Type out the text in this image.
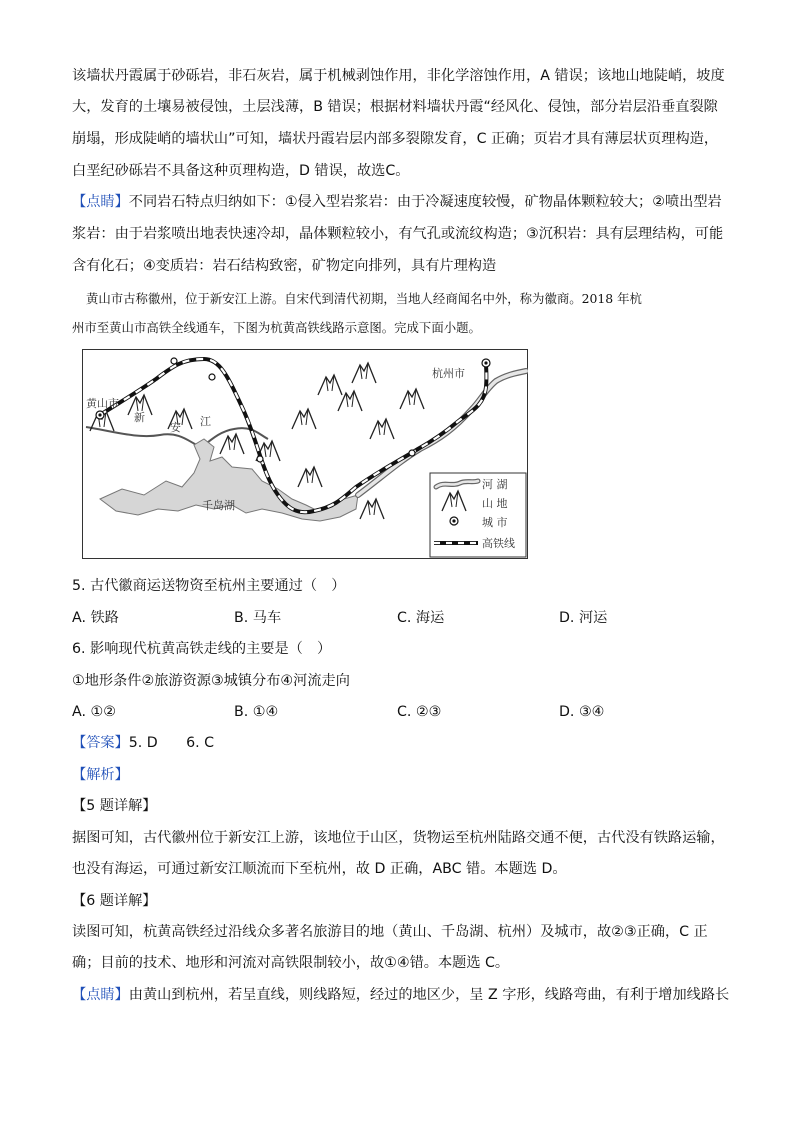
该墙状丹霞属于砂砾岩，非石灰岩，属于机械剥蚀作用，非化学溶蚀作用，A 错误；该地山地陡峭，坡度
大，发育的土壤易被侵蚀，土层浅薄，B 错误；根据材料墙状丹霞“经风化、侵蚀，部分岩层沿垂直裂隙
崩塌，形成陡峭的墙状山”可知，墙状丹霞岩层内部多裂隙发育，C 正确；页岩才具有薄层状页理构造，
白垩纪砂砾岩不具备这种页理构造，D 错误，故选C。
【点睛】不同岩石特点归纳如下：①侵入型岩浆岩：由于冷凝速度较慢，矿物晶体颗粒较大；②喷出型岩
浆岩：由于岩浆喷出地表快速冷却，晶体颗粒较小，有气孔或流纹构造；③沉积岩：具有层理结构，可能
含有化石；④变质岩：岩石结构致密，矿物定向排列，具有片理构造
黄山市古称徽州，位于新安江上游。自宋代到清代初期，当地人经商闻名中外，称为徽商。2018 年杭
州市至黄山市高铁全线通车，下图为杭黄高铁线路示意图。完成下面小题。
黄山市
新
安 江
千岛湖
杭州市
河 湖
山 地
城 市
高铁线
5. 古代徽商运送物资至杭州主要通过（　）
A. 铁路	B. 马车	C. 海运	D. 河运
6. 影响现代杭黄高铁走线的主要是（　）
①地形条件②旅游资源③城镇分布④河流走向
A. ①②	B. ①④	C. ②③	D. ③④
【答案】5. D　　6. C
【解析】
【5 题详解】
据图可知，古代徽州位于新安江上游，该地位于山区，货物运至杭州陆路交通不便，古代没有铁路运输，
也没有海运，可通过新安江顺流而下至杭州，故 D 正确，ABC 错。本题选 D。
【6 题详解】
读图可知，杭黄高铁经过沿线众多著名旅游目的地（黄山、千岛湖、杭州）及城市，故②③正确，C 正
确；目前的技术、地形和河流对高铁限制较小，故①④错。本题选 C。
【点睛】由黄山到杭州，若呈直线，则线路短，经过的地区少，呈 Z 字形，线路弯曲，有利于增加线路长
